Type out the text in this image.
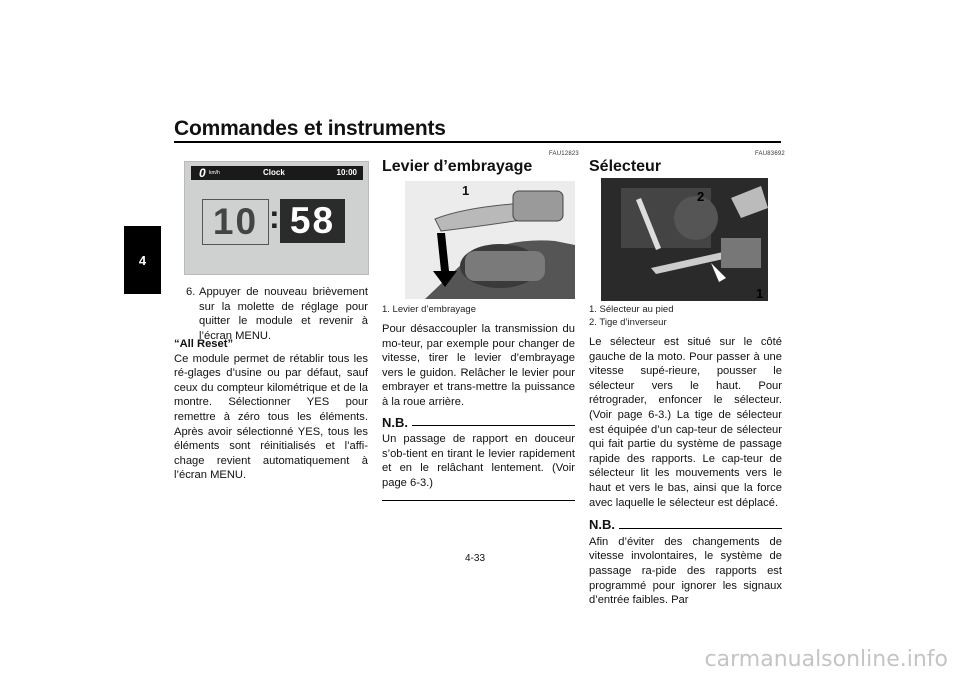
Commandes et instruments
4
0 km/h	Clock	10:00
10 : 58
6. Appuyer de nouveau brièvement sur la molette de réglage pour quitter le module et revenir à l’écran MENU.
“All Reset”
Ce module permet de rétablir tous les ré-glages d’usine ou par défaut, sauf ceux du compteur kilométrique et de la montre. Sélectionner YES pour remettre à zéro tous les éléments. Après avoir sélectionné YES, tous les éléments sont réinitialisés et l’affi-chage revient automatiquement à l’écran MENU.
FAU12823
Levier d’embrayage
1
1. Levier d’embrayage
Pour désaccoupler la transmission du mo-teur, par exemple pour changer de vitesse, tirer le levier d’embrayage vers le guidon. Relâcher le levier pour embrayer et trans-mettre la puissance à la roue arrière.
N.B.
Un passage de rapport en douceur s’ob-tient en tirant le levier rapidement et en le relâchant lentement. (Voir page 6-3.)
FAU83692
Sélecteur
2
1
1. Sélecteur au pied
2. Tige d’inverseur
Le sélecteur est situé sur le côté gauche de la moto. Pour passer à une vitesse supé-rieure, pousser le sélecteur vers le haut. Pour rétrograder, enfoncer le sélecteur. (Voir page 6-3.) La tige de sélecteur est équipée d’un cap-teur de sélecteur qui fait partie du système de passage rapide des rapports. Le cap-teur de sélecteur lit les mouvements vers le haut et vers le bas, ainsi que la force avec laquelle le sélecteur est déplacé.
N.B.
Afin d’éviter des changements de vitesse involontaires, le système de passage ra-pide des rapports est programmé pour ignorer les signaux d’entrée faibles. Par
4-33
carmanualsonline.info
